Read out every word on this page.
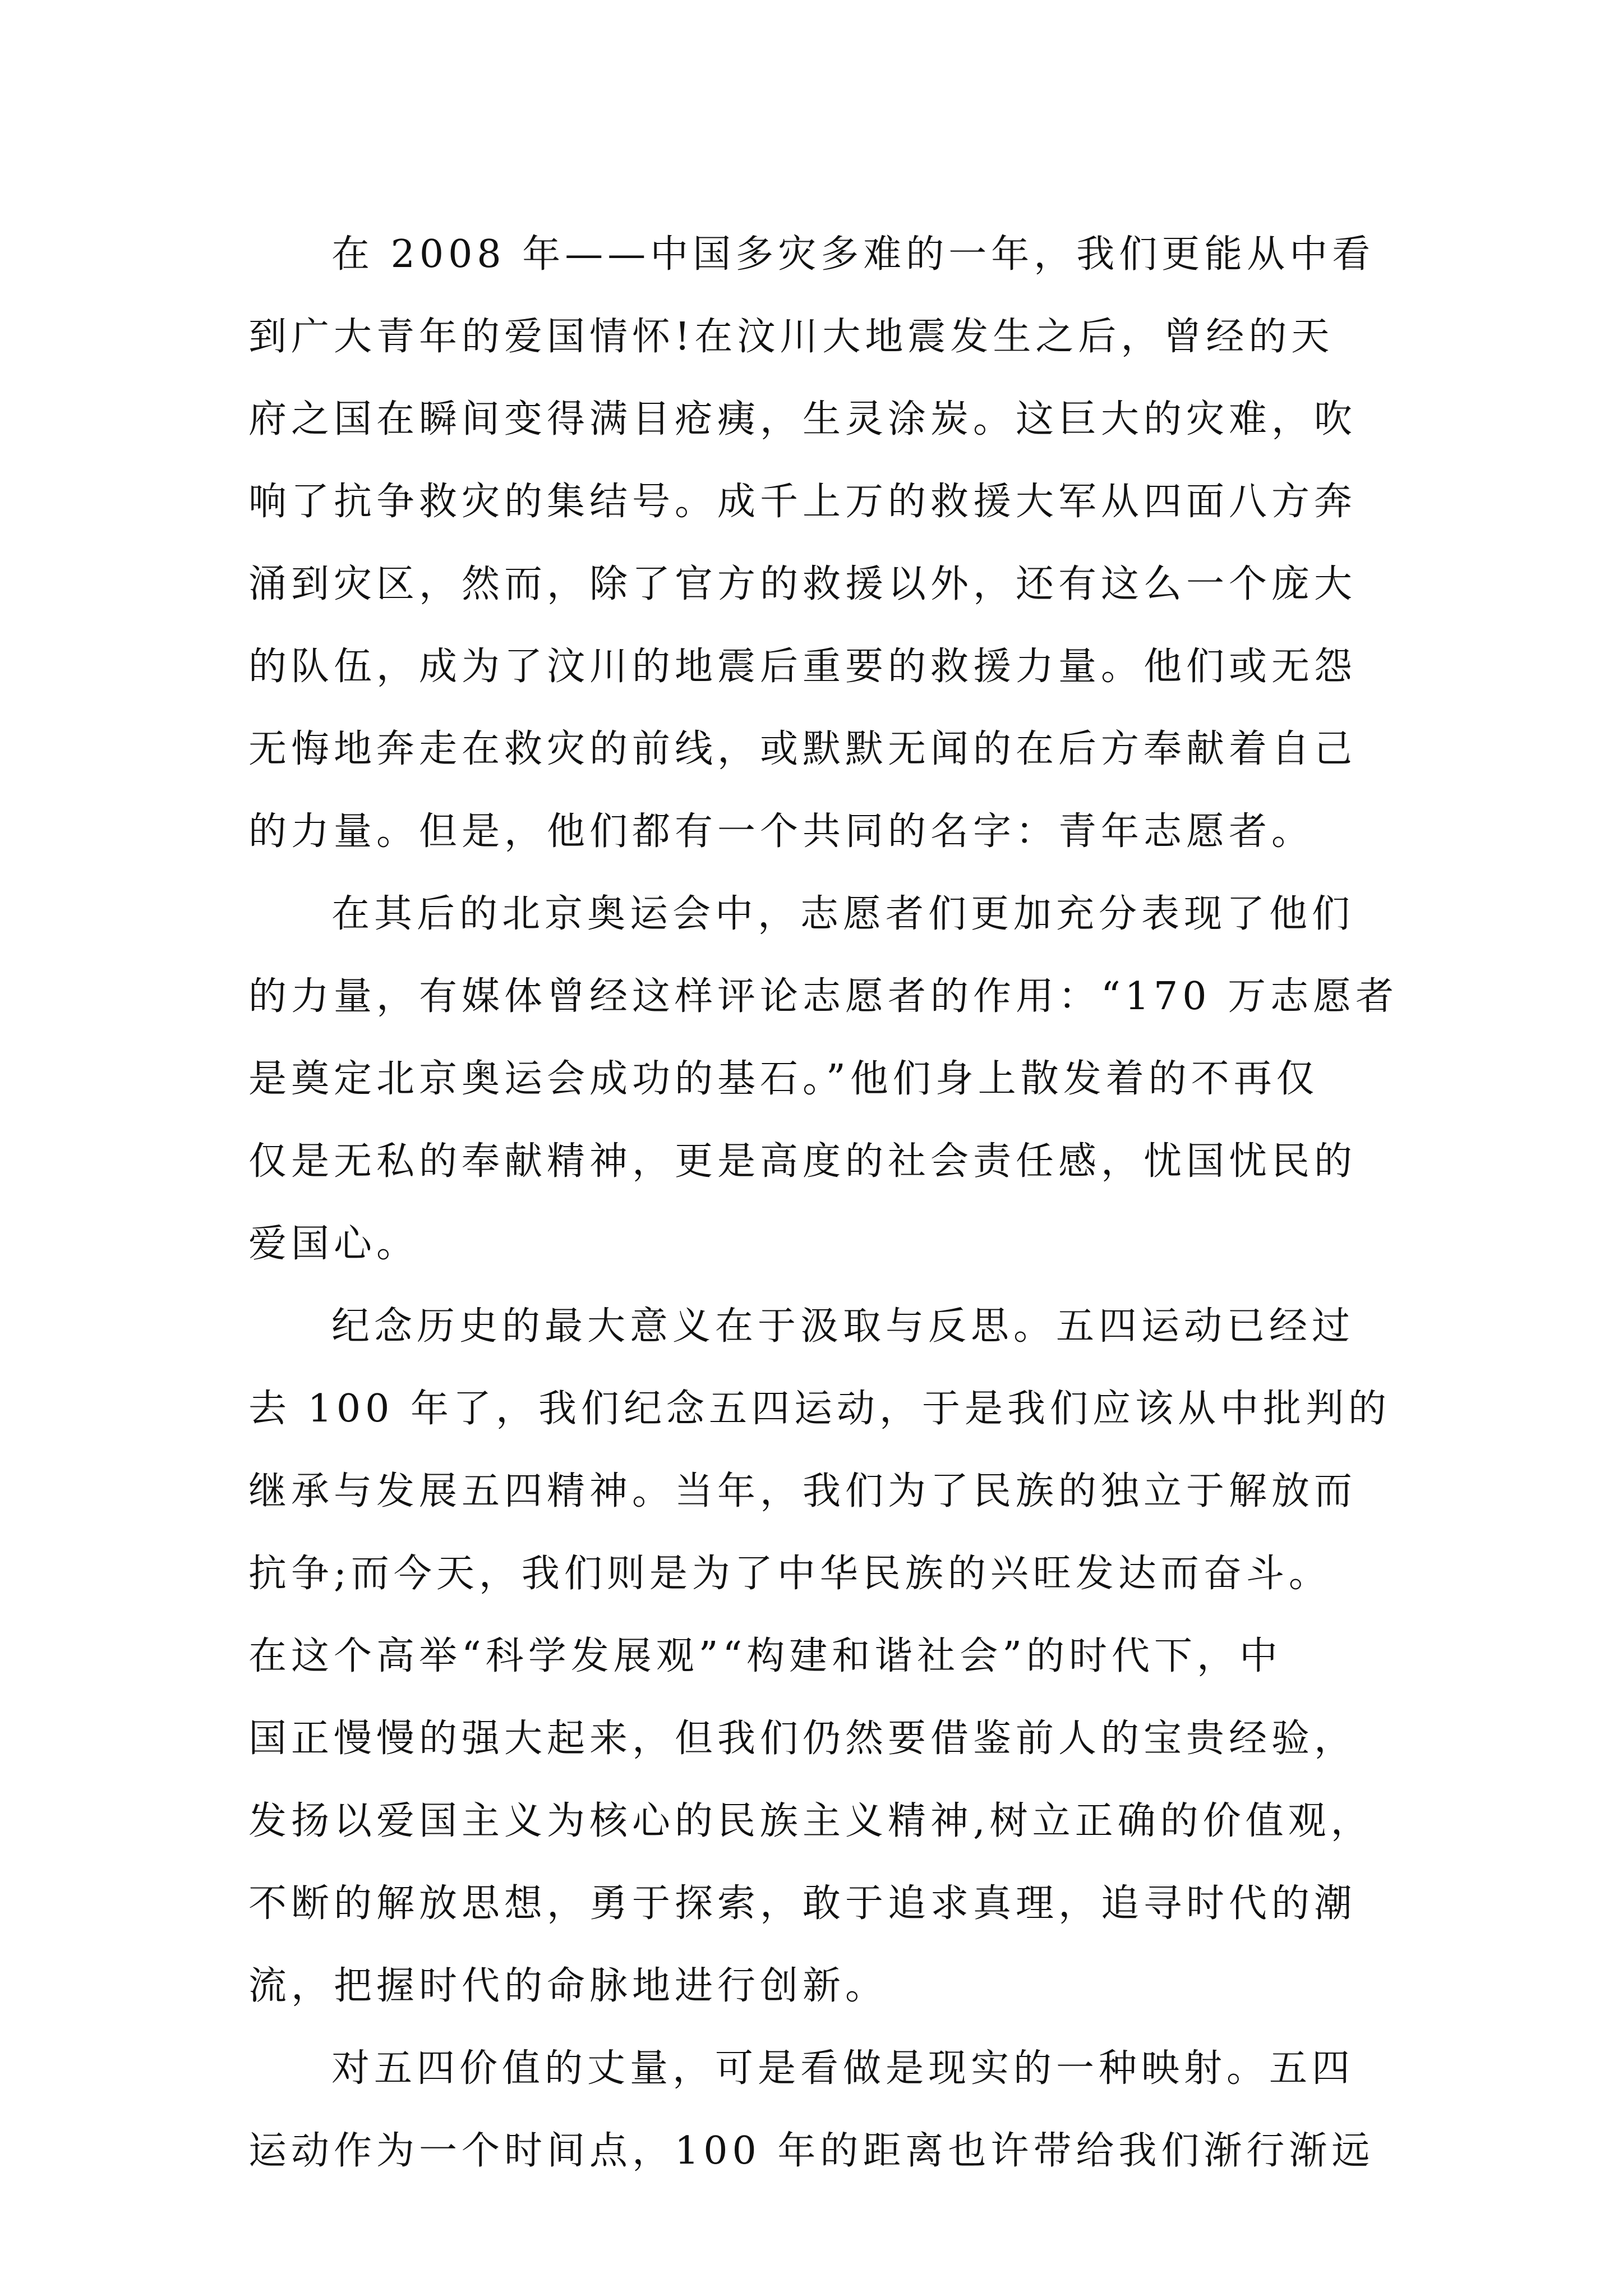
在 2008 年——中国多灾多难的一年，我们更能从中看
到广大青年的爱国情怀!在汶川大地震发生之后，曾经的天
府之国在瞬间变得满目疮痍，生灵涂炭。这巨大的灾难，吹
响了抗争救灾的集结号。成千上万的救援大军从四面八方奔
涌到灾区，然而，除了官方的救援以外，还有这么一个庞大
的队伍，成为了汶川的地震后重要的救援力量。他们或无怨
无悔地奔走在救灾的前线，或默默无闻的在后方奉献着自己
的力量。但是，他们都有一个共同的名字：青年志愿者。
在其后的北京奥运会中，志愿者们更加充分表现了他们
的力量，有媒体曾经这样评论志愿者的作用：“170 万志愿者
是奠定北京奥运会成功的基石。”他们身上散发着的不再仅
仅是无私的奉献精神，更是高度的社会责任感，忧国忧民的
爱国心。
纪念历史的最大意义在于汲取与反思。五四运动已经过
去 100 年了，我们纪念五四运动，于是我们应该从中批判的
继承与发展五四精神。当年，我们为了民族的独立于解放而
抗争;而今天，我们则是为了中华民族的兴旺发达而奋斗。
在这个高举“科学发展观”“构建和谐社会”的时代下，中
国正慢慢的强大起来，但我们仍然要借鉴前人的宝贵经验，
发扬以爱国主义为核心的民族主义精神,树立正确的价值观，
不断的解放思想，勇于探索，敢于追求真理，追寻时代的潮
流，把握时代的命脉地进行创新。
对五四价值的丈量，可是看做是现实的一种映射。五四
运动作为一个时间点，100 年的距离也许带给我们渐行渐远
